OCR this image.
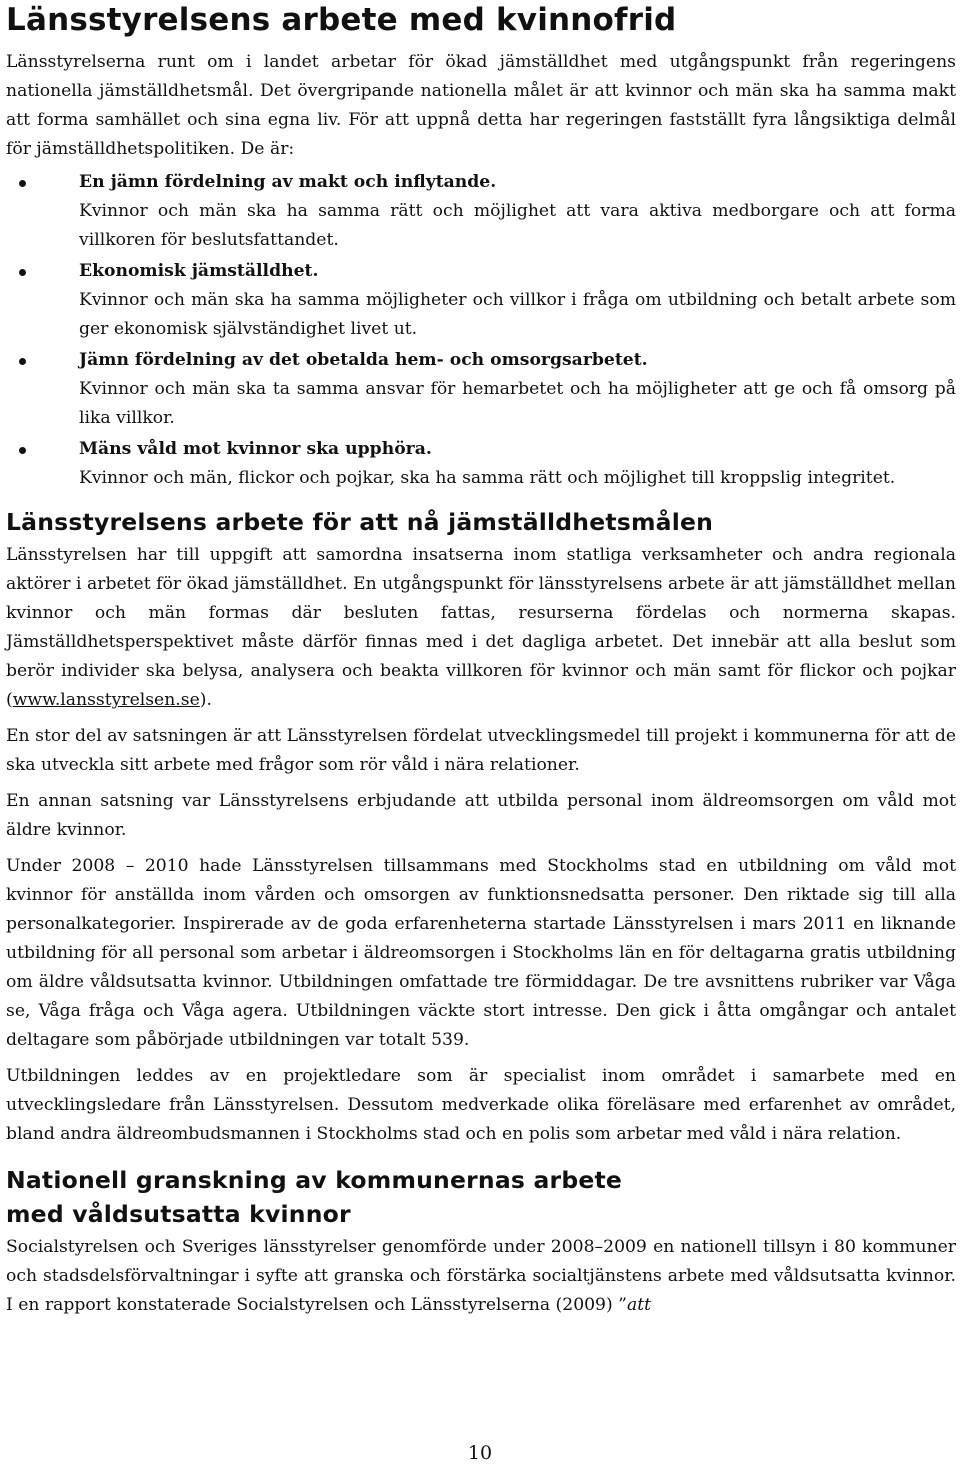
Länsstyrelsens arbete med kvinnofrid

Länsstyrelserna runt om i landet arbetar för ökad jämställdhet med utgångspunkt från regeringens nationella jämställdhetsmål. Det övergripande nationella målet är att kvinnor och män ska ha samma makt att forma samhället och sina egna liv. För att uppnå detta har regeringen fastställt fyra långsiktiga delmål för jämställdhetspolitiken. De är:

En jämn fördelning av makt och inflytande.
Kvinnor och män ska ha samma rätt och möjlighet att vara aktiva medborgare och att forma villkoren för beslutsfattandet.
Ekonomisk jämställdhet.
Kvinnor och män ska ha samma möjligheter och villkor i fråga om utbildning och betalt arbete som ger ekonomisk självständighet livet ut.
Jämn fördelning av det obetalda hem- och omsorgsarbetet.
Kvinnor och män ska ta samma ansvar för hemarbetet och ha möjligheter att ge och få omsorg på lika villkor.
Mäns våld mot kvinnor ska upphöra.
Kvinnor och män, flickor och pojkar, ska ha samma rätt och möjlighet till kroppslig integritet.
Länsstyrelsens arbete för att nå jämställdhetsmålen

Länsstyrelsen har till uppgift att samordna insatserna inom statliga verksamheter och andra regionala aktörer i arbetet för ökad jämställdhet. En utgångspunkt för länsstyrelsens arbete är att jämställdhet mellan kvinnor och män formas där besluten fattas, resurserna fördelas och normerna skapas. Jämställdhetsperspektivet måste därför finnas med i det dagliga arbetet. Det innebär att alla beslut som berör individer ska belysa, analysera och beakta villkoren för kvinnor och män samt för flickor och pojkar (www.lansstyrelsen.se).

En stor del av satsningen är att Länsstyrelsen fördelat utvecklingsmedel till projekt i kommunerna för att de ska utveckla sitt arbete med frågor som rör våld i nära relationer.

En annan satsning var Länsstyrelsens erbjudande att utbilda personal inom äldreomsorgen om våld mot äldre kvinnor.

Under 2008 – 2010 hade Länsstyrelsen tillsammans med Stockholms stad en utbildning om våld mot kvinnor för anställda inom vården och omsorgen av funktionsnedsatta personer. Den riktade sig till alla personalkategorier. Inspirerade av de goda erfarenheterna startade Länsstyrelsen i mars 2011 en liknande utbildning för all personal som arbetar i äldreomsorgen i Stockholms län en för deltagarna gratis utbildning om äldre våldsutsatta kvinnor. Utbildningen omfattade tre förmiddagar. De tre avsnittens rubriker var Våga se, Våga fråga och Våga agera. Utbildningen väckte stort intresse. Den gick i åtta omgångar och antalet deltagare som påbörjade utbildningen var totalt 539.

Utbildningen leddes av en projektledare som är specialist inom området i samarbete med en utvecklingsledare från Länsstyrelsen. Dessutom medverkade olika föreläsare med erfarenhet av området, bland andra äldreombudsmannen i Stockholms stad och en polis som arbetar med våld i nära relation.

Nationell granskning av kommunernas arbete
med våldsutsatta kvinnor

Socialstyrelsen och Sveriges länsstyrelser genomförde under 2008–2009 en nationell tillsyn i 80 kommuner och stadsdelsförvaltningar i syfte att granska och förstärka socialtjänstens arbete med våldsutsatta kvinnor. I en rapport konstaterade Socialstyrelsen och Länsstyrelserna (2009) ”att

10
